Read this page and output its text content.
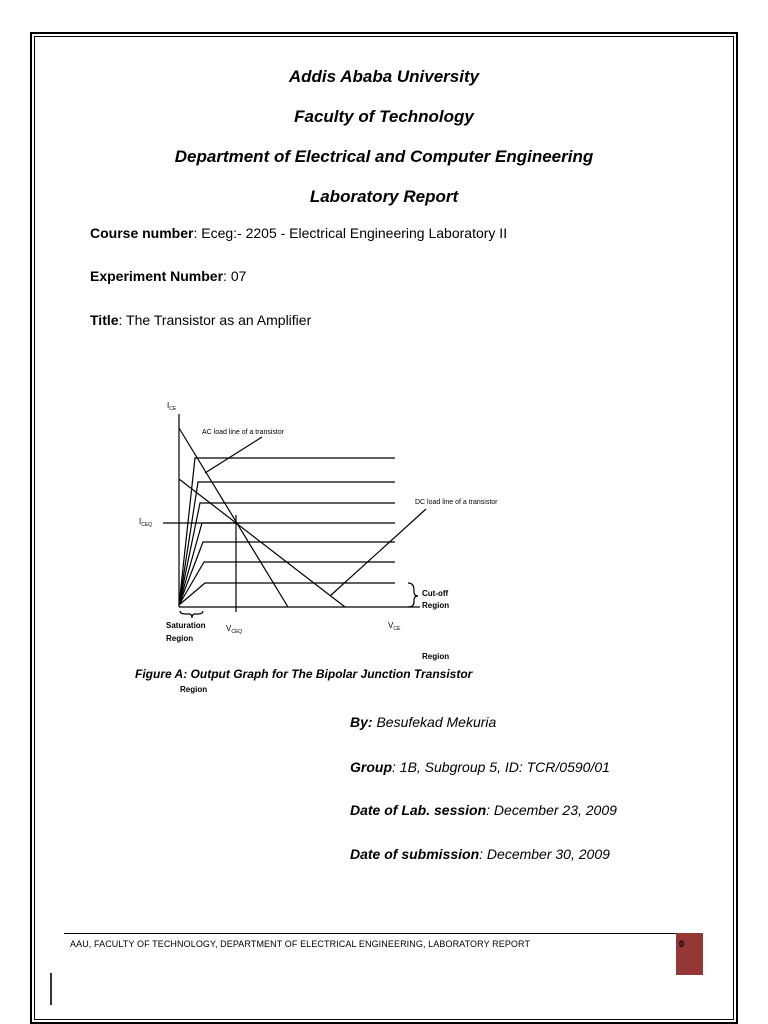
Addis Ababa University
Faculty of Technology
Department of Electrical and Computer Engineering
Laboratory Report
Course number: Eceg:- 2205 - Electrical Engineering Laboratory II
Experiment Number: 07
Title: The Transistor as an Amplifier
$I_{CE}$
$I_{CEQ}$
AC load line of a transistor
DC load line of a transistor
Cut-off
Region
Saturation
Region
$V_{CEQ}$
$V_{CE}$
Region
Figure A: Output Graph for The Bipolar Junction Transistor
Region
By: Besufekad Mekuria
Group: 1B, Subgroup 5, ID: TCR/0590/01
Date of Lab. session: December 23, 2009
Date of submission: December 30, 2009
AAU, FACULTY OF TECHNOLOGY, DEPARTMENT OF ELECTRICAL ENGINEERING, LABORATORY REPORT	0
